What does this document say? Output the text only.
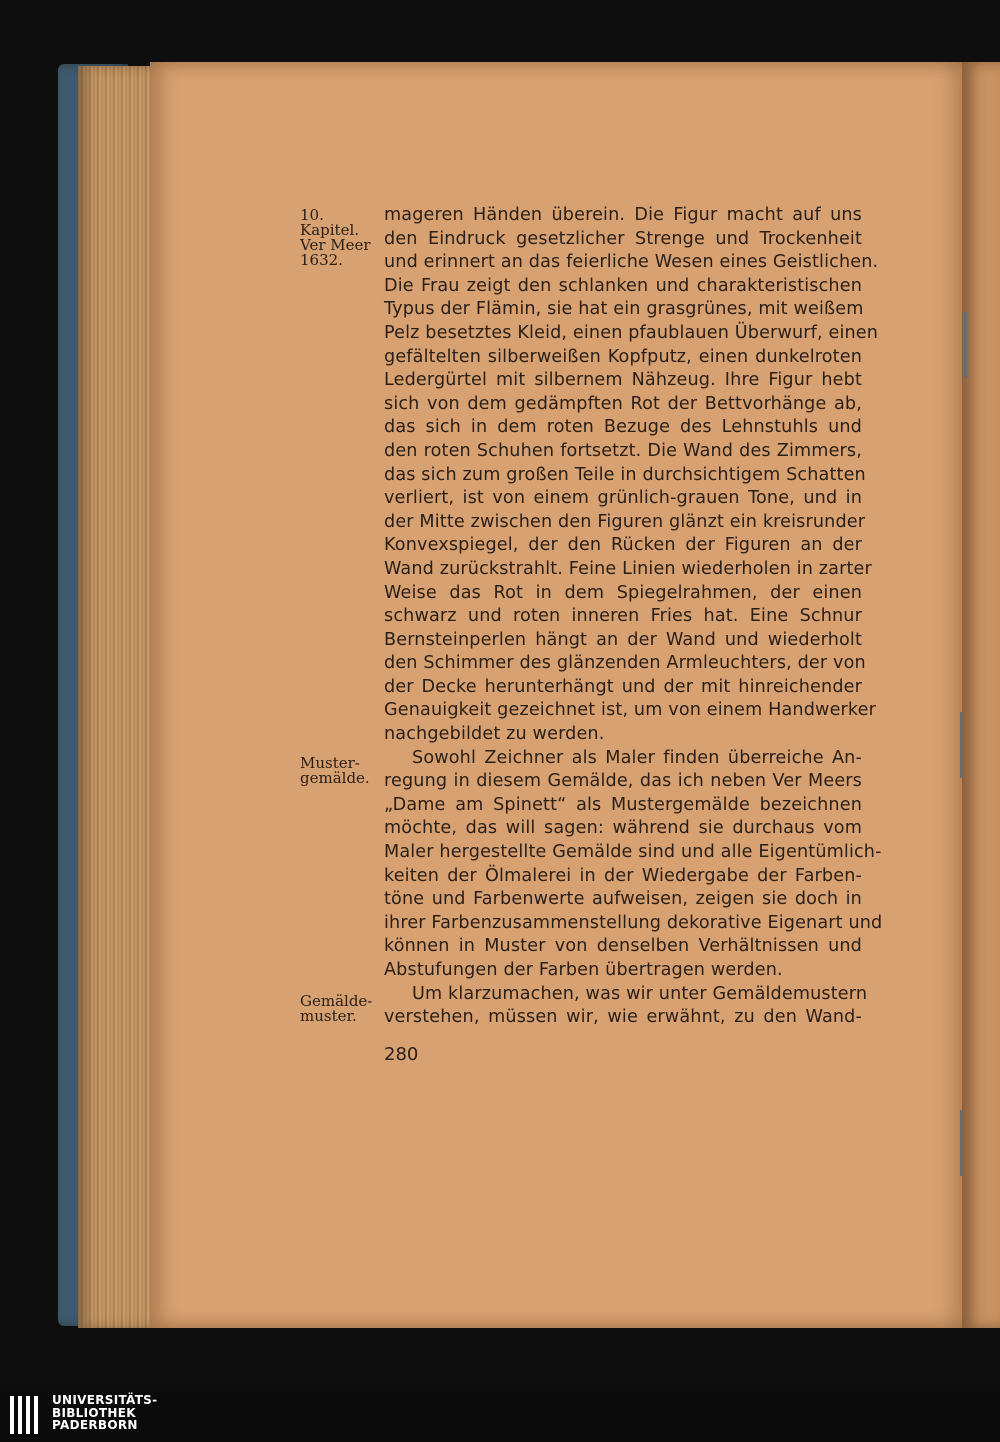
10. Kapitel.
Ver Meer
1632.
Muster-
gemälde.
Gemälde-
muster.
mageren Händen überein. Die Figur macht auf uns
den Eindruck gesetzlicher Strenge und Trockenheit
und erinnert an das feierliche Wesen eines Geistlichen.
Die Frau zeigt den schlanken und charakteristischen
Typus der Flämin, sie hat ein grasgrünes, mit weißem
Pelz besetztes Kleid, einen pfaublauen Überwurf, einen
gefältelten silberweißen Kopfputz, einen dunkelroten
Ledergürtel mit silbernem Nähzeug. Ihre Figur hebt
sich von dem gedämpften Rot der Bettvorhänge ab,
das sich in dem roten Bezuge des Lehnstuhls und
den roten Schuhen fortsetzt. Die Wand des Zimmers,
das sich zum großen Teile in durchsichtigem Schatten
verliert, ist von einem grünlich-grauen Tone, und in
der Mitte zwischen den Figuren glänzt ein kreisrunder
Konvexspiegel, der den Rücken der Figuren an der
Wand zurückstrahlt. Feine Linien wiederholen in zarter
Weise das Rot in dem Spiegelrahmen, der einen
schwarz und roten inneren Fries hat. Eine Schnur
Bernsteinperlen hängt an der Wand und wiederholt
den Schimmer des glänzenden Armleuchters, der von
der Decke herunterhängt und der mit hinreichender
Genauigkeit gezeichnet ist, um von einem Handwerker
nachgebildet zu werden.
Sowohl Zeichner als Maler finden überreiche An-
regung in diesem Gemälde, das ich neben Ver Meers
„Dame am Spinett“ als Mustergemälde bezeichnen
möchte, das will sagen: während sie durchaus vom
Maler hergestellte Gemälde sind und alle Eigentümlich-
keiten der Ölmalerei in der Wiedergabe der Farben-
töne und Farbenwerte aufweisen, zeigen sie doch in
ihrer Farbenzusammenstellung dekorative Eigenart und
können in Muster von denselben Verhältnissen und
Abstufungen der Farben übertragen werden.
Um klarzumachen, was wir unter Gemäldemustern
verstehen, müssen wir, wie erwähnt, zu den Wand-
280
UNIVERSITÄTS-
BIBLIOTHEK
PADERBORN
